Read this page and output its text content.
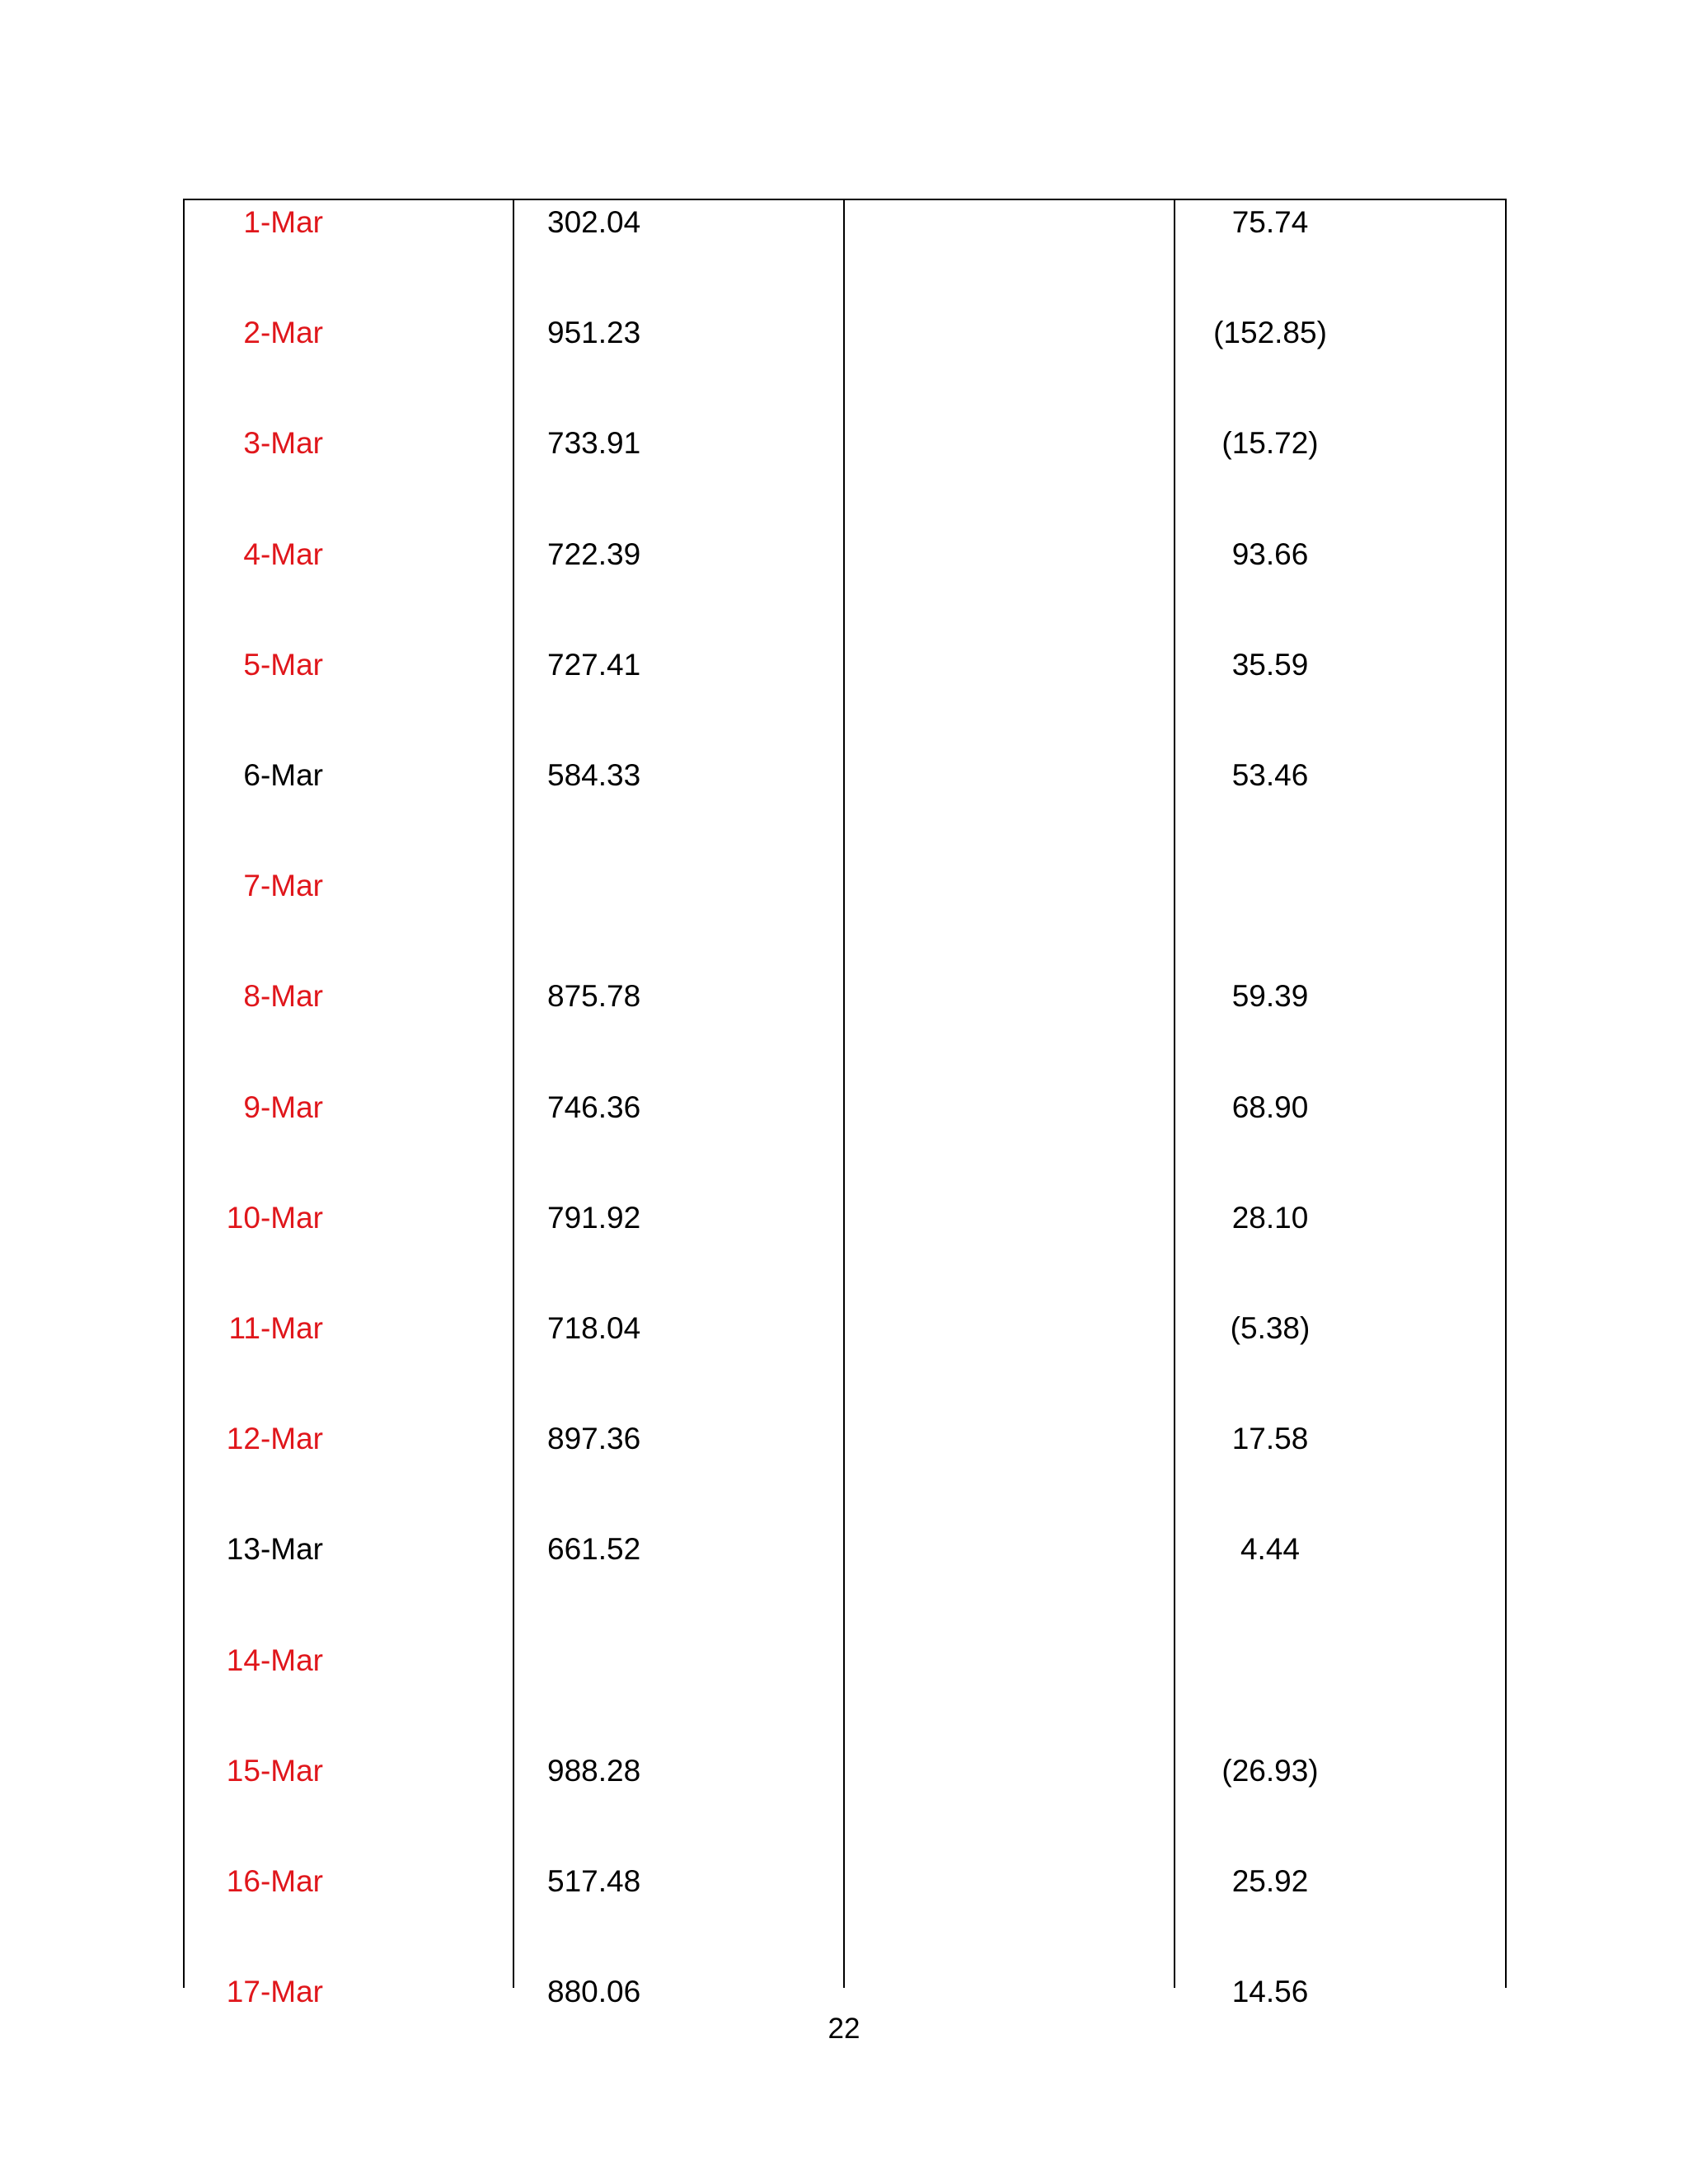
1-Mar	302.04	75.74
2-Mar	951.23	(152.85)
3-Mar	733.91	(15.72)
4-Mar	722.39	93.66
5-Mar	727.41	35.59
6-Mar	584.33	53.46
7-Mar
8-Mar	875.78	59.39
9-Mar	746.36	68.90
10-Mar	791.92	28.10
11-Mar	718.04	(5.38)
12-Mar	897.36	17.58
13-Mar	661.52	4.44
14-Mar
15-Mar	988.28	(26.93)
16-Mar	517.48	25.92
17-Mar	880.06	14.56
22
